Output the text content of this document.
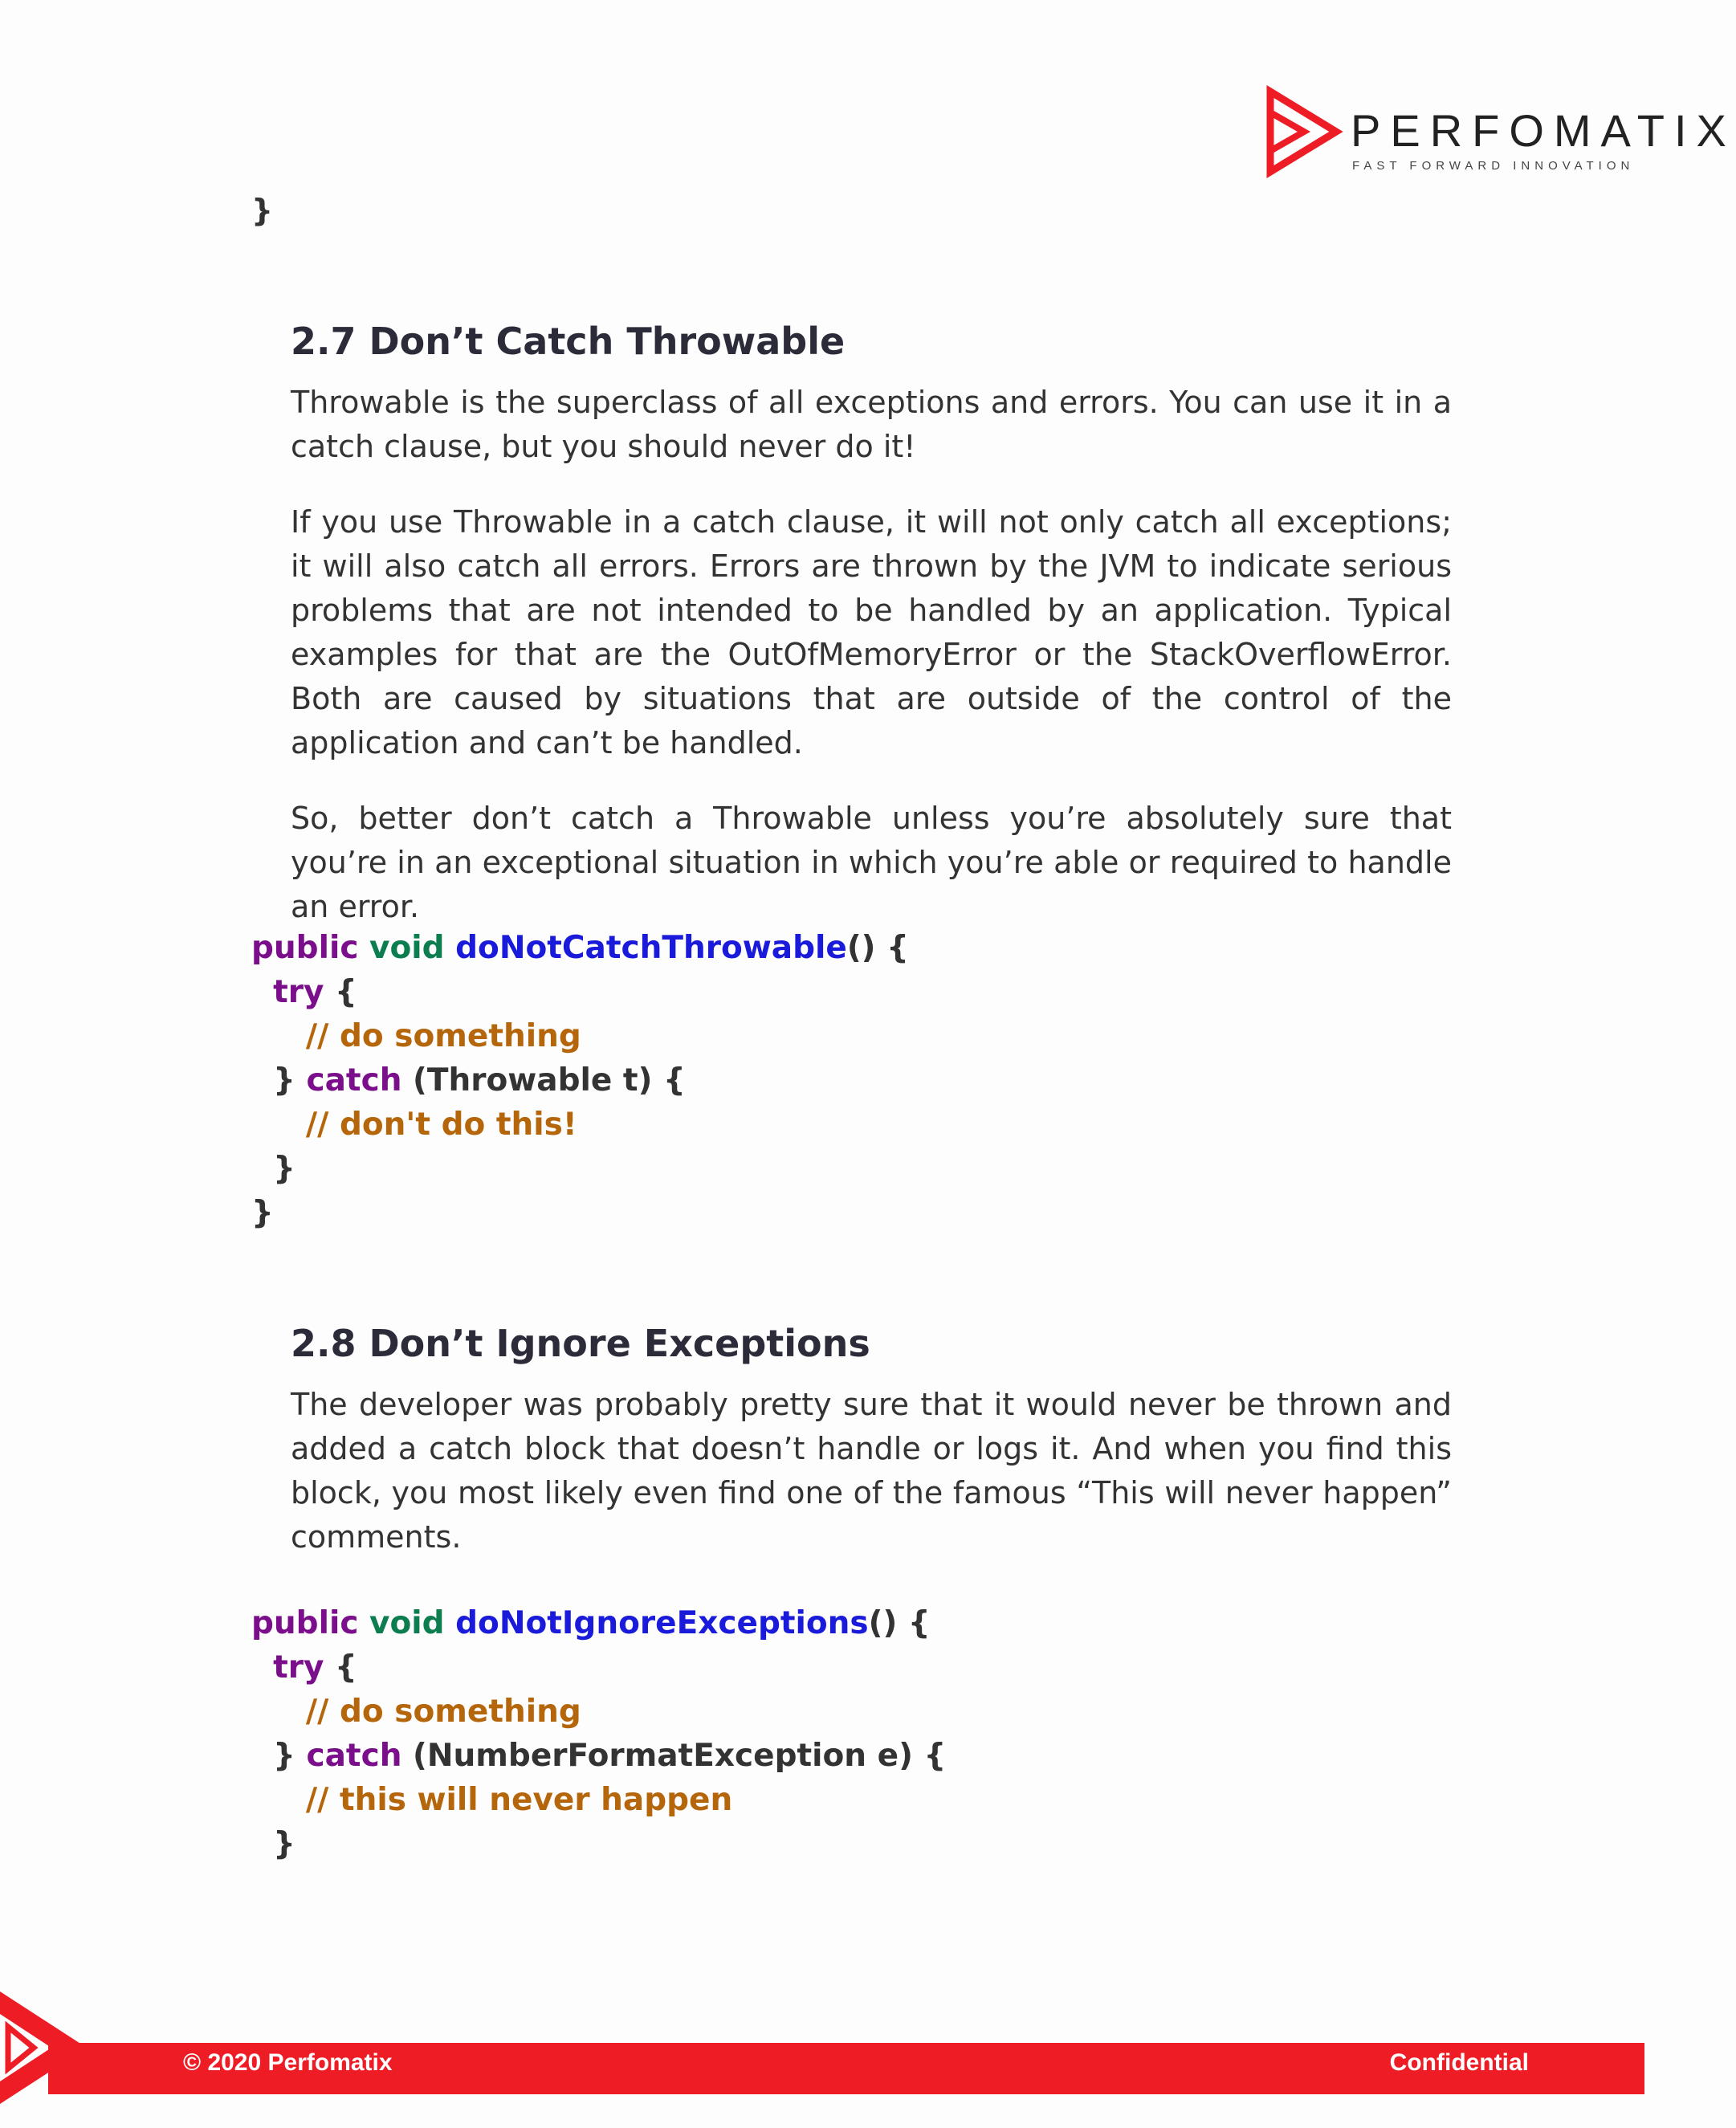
PERFOMATIX
FAST FORWARD INNOVATION
}
2.7 Don’t Catch Throwable

Throwable is the superclass of all exceptions and errors. You can use it in a catch clause, but you should never do it!

If you use Throwable in a catch clause, it will not only catch all exceptions; it will also catch all errors. Errors are thrown by the JVM to indicate serious problems that are not intended to be handled by an application. Typical examples for that are the OutOfMemoryError or the StackOverflowError. Both are caused by situations that are outside of the control of the application and can’t be handled.

So, better don’t catch a Throwable unless you’re absolutely sure that you’re in an exceptional situation in which you’re able or required to handle an error.

public void doNotCatchThrowable() {
try {
// do something
} catch (Throwable t) {
// don't do this!
}
}
2.8 Don’t Ignore Exceptions

The developer was probably pretty sure that it would never be thrown and added a catch block that doesn’t handle or logs it. And when you find this block, you most likely even find one of the famous “This will never happen” comments.

public void doNotIgnoreExceptions() {
try {
// do something
} catch (NumberFormatException e) {
// this will never happen
}
© 2020 Perfomatix	Confidential
